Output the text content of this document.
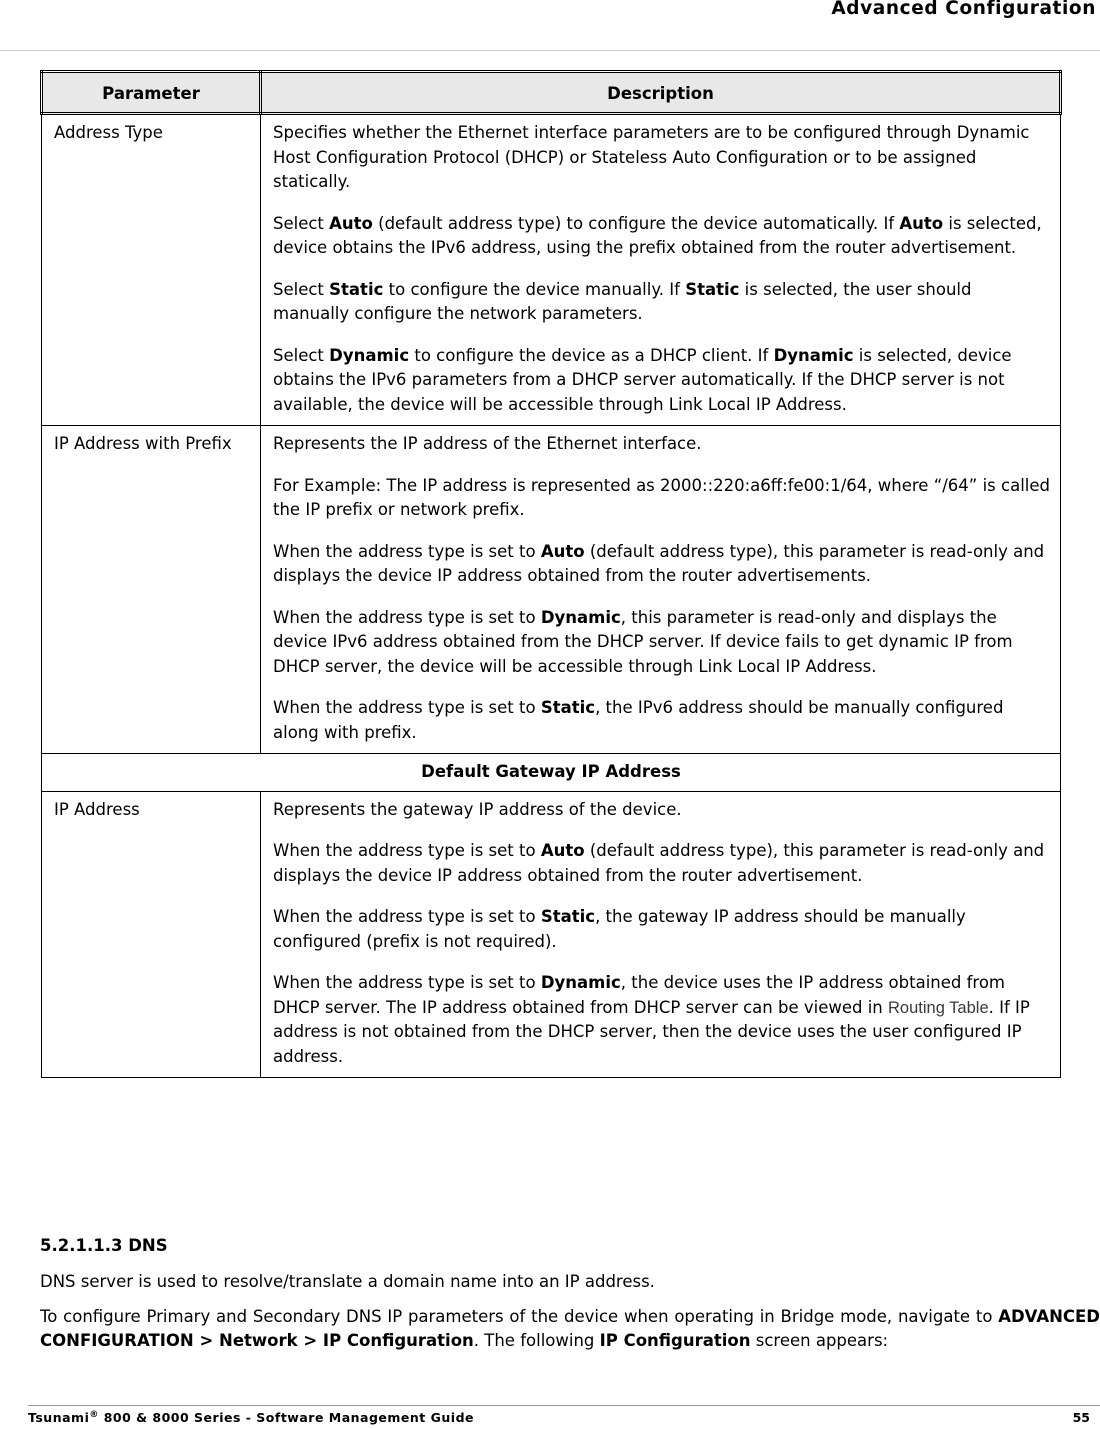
Advanced Configuration
Parameter	Description
Address Type	Specifies whether the Ethernet interface parameters are to be configured through Dynamic Host Configuration Protocol (DHCP) or Stateless Auto Configuration or to be assigned statically.

Select Auto (default address type) to configure the device automatically. If Auto is selected, device obtains the IPv6 address, using the prefix obtained from the router advertisement.

Select Static to configure the device manually. If Static is selected, the user should manually configure the network parameters.

Select Dynamic to configure the device as a DHCP client. If Dynamic is selected, device obtains the IPv6 parameters from a DHCP server automatically. If the DHCP server is not available, the device will be accessible through Link Local IP Address.

IP Address with Prefix	Represents the IP address of the Ethernet interface.

For Example: The IP address is represented as 2000::220:a6ff:fe00:1/64, where “/64” is called the IP prefix or network prefix.

When the address type is set to Auto (default address type), this parameter is read-only and displays the device IP address obtained from the router advertisements.

When the address type is set to Dynamic, this parameter is read-only and displays the device IPv6 address obtained from the DHCP server. If device fails to get dynamic IP from DHCP server, the device will be accessible through Link Local IP Address.

When the address type is set to Static, the IPv6 address should be manually configured along with prefix.

Default Gateway IP Address	
IP Address	Represents the gateway IP address of the device.

When the address type is set to Auto (default address type), this parameter is read-only and displays the device IP address obtained from the router advertisement.

When the address type is set to Static, the gateway IP address should be manually configured (prefix is not required).

When the address type is set to Dynamic, the device uses the IP address obtained from DHCP server. The IP address obtained from DHCP server can be viewed in Routing Table. If IP address is not obtained from the DHCP server, then the device uses the user configured IP address.

5.2.1.1.3 DNS

DNS server is used to resolve/translate a domain name into an IP address.

To configure Primary and Secondary DNS IP parameters of the device when operating in Bridge mode, navigate to ADVANCED CONFIGURATION > Network > IP Configuration. The following IP Configuration screen appears:

Tsunami® 800 & 8000 Series - Software Management Guide	55
